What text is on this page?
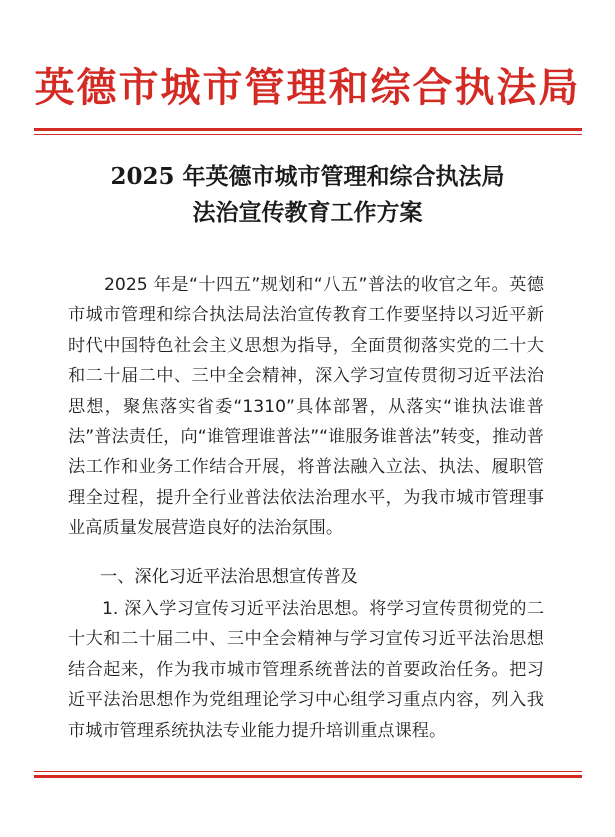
英德市城市管理和综合执法局
2025 年英德市城市管理和综合执法局
法治宣传教育工作方案

2025 年是“十四五”规划和“八五”普法的收官之年。英德市城市管理和综合执法局法治宣传教育工作要坚持以习近平新时代中国特色社会主义思想为指导，全面贯彻落实党的二十大和二十届二中、三中全会精神，深入学习宣传贯彻习近平法治思想，聚焦落实省委“1310”具体部署，从落实“谁执法谁普法”普法责任，向“谁管理谁普法”“谁服务谁普法”转变，推动普法工作和业务工作结合开展，将普法融入立法、执法、履职管理全过程，提升全行业普法依法治理水平，为我市城市管理事业高质量发展营造良好的法治氛围。

一、深化习近平法治思想宣传普及

1. 深入学习宣传习近平法治思想。将学习宣传贯彻党的二十大和二十届二中、三中全会精神与学习宣传习近平法治思想结合起来，作为我市城市管理系统普法的首要政治任务。把习近平法治思想作为党组理论学习中心组学习重点内容，列入我市城市管理系统执法专业能力提升培训重点课程。
